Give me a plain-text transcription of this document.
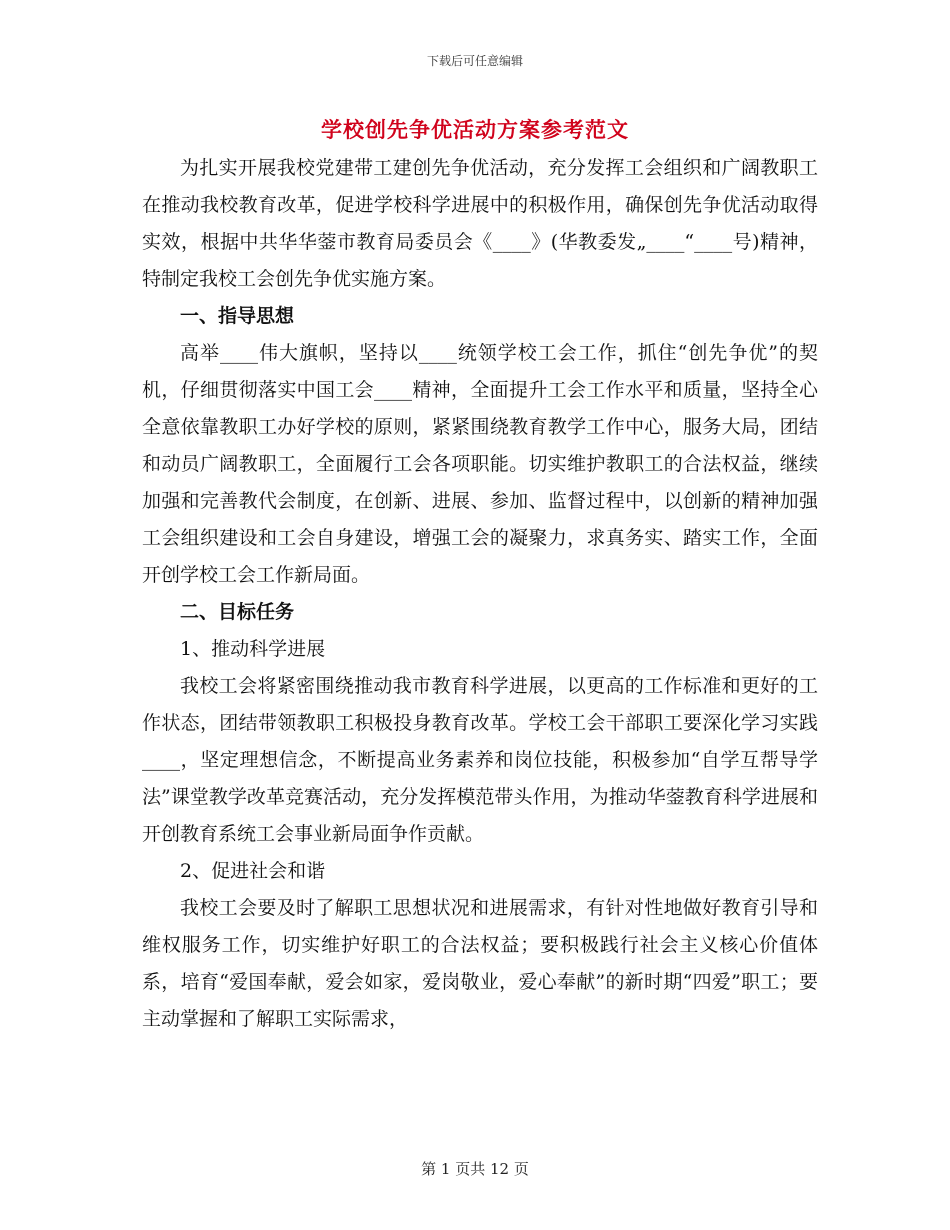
下载后可任意编辑
学校创先争优活动方案参考范文

为扎实开展我校党建带工建创先争优活动，充分发挥工会组织和广阔教职工在推动我校教育改革，促进学校科学进展中的积极作用，确保创先争优活动取得实效，根据中共华华蓥市教育局委员会《____》(华教委发„____“____号)精神，特制定我校工会创先争优实施方案。

一、指导思想

高举____伟大旗帜，坚持以____统领学校工会工作，抓住“创先争优”的契机，仔细贯彻落实中国工会____精神，全面提升工会工作水平和质量，坚持全心全意依靠教职工办好学校的原则，紧紧围绕教育教学工作中心，服务大局，团结和动员广阔教职工，全面履行工会各项职能。切实维护教职工的合法权益，继续加强和完善教代会制度，在创新、进展、参加、监督过程中，以创新的精神加强工会组织建设和工会自身建设，增强工会的凝聚力，求真务实、踏实工作，全面开创学校工会工作新局面。

二、目标任务

1、推动科学进展

我校工会将紧密围绕推动我市教育科学进展，以更高的工作标准和更好的工作状态，团结带领教职工积极投身教育改革。学校工会干部职工要深化学习实践____，坚定理想信念，不断提高业务素养和岗位技能，积极参加“自学互帮导学法”课堂教学改革竞赛活动，充分发挥模范带头作用，为推动华蓥教育科学进展和开创教育系统工会事业新局面争作贡献。

2、促进社会和谐

我校工会要及时了解职工思想状况和进展需求，有针对性地做好教育引导和维权服务工作，切实维护好职工的合法权益；要积极践行社会主义核心价值体系，培育“爱国奉献，爱会如家，爱岗敬业，爱心奉献”的新时期“四爱”职工；要主动掌握和了解职工实际需求，

第 1 页共 12 页
